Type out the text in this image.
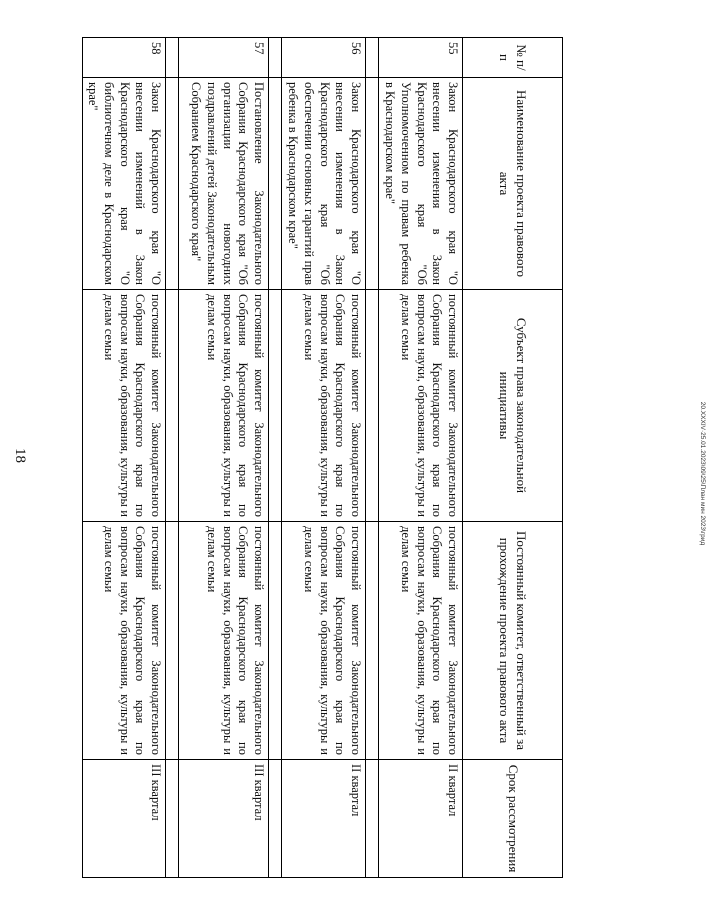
18	20.XXXIV·25.01.2023\09\25\План мин 2023\грид
№ п/п	Наименование проекта правового акта	Субъект права законодательной инициативы	Постоянный комитет, ответственный за прохождение проекта правового акта	Срок рассмотрения
55	Закон Краснодарского края "О внесении изменения в Закон Краснодарского края "Об Уполномоченном по правам ребенка в Краснодарском крае"	постоянный комитет Законодательного Собрания Краснодарского края по вопросам науки, образования, культуры и делам семьи	постоянный комитет Законодательного Собрания Краснодарского края по вопросам науки, образования, культуры и делам семьи	II квартал

56	Закон Краснодарского края "О внесении изменения в Закон Краснодарского края "Об обеспечении основных гарантий прав ребенка в Краснодарском крае"	постоянный комитет Законодательного Собрания Краснодарского края по вопросам науки, образования, культуры и делам семьи	постоянный комитет Законодательного Собрания Краснодарского края по вопросам науки, образования, культуры и делам семьи	II квартал

57	Постановление Законодательного Собрания Краснодарского края "Об организации новогодних поздравлений детей Законодательным Собранием Краснодарского края"	постоянный комитет Законодательного Собрания Краснодарского края по вопросам науки, образования, культуры и делам семьи	постоянный комитет Законодательного Собрания Краснодарского края по вопросам науки, образования, культуры и делам семьи	III квартал

58	Закон Краснодарского края "О внесении изменений в Закон Краснодарского края "О библиотечном деле в Краснодарском крае"	постоянный комитет Законодательного Собрания Краснодарского края по вопросам науки, образования, культуры и делам семьи	постоянный комитет Законодательного Собрания Краснодарского края по вопросам науки, образования, культуры и делам семьи	III квартал
